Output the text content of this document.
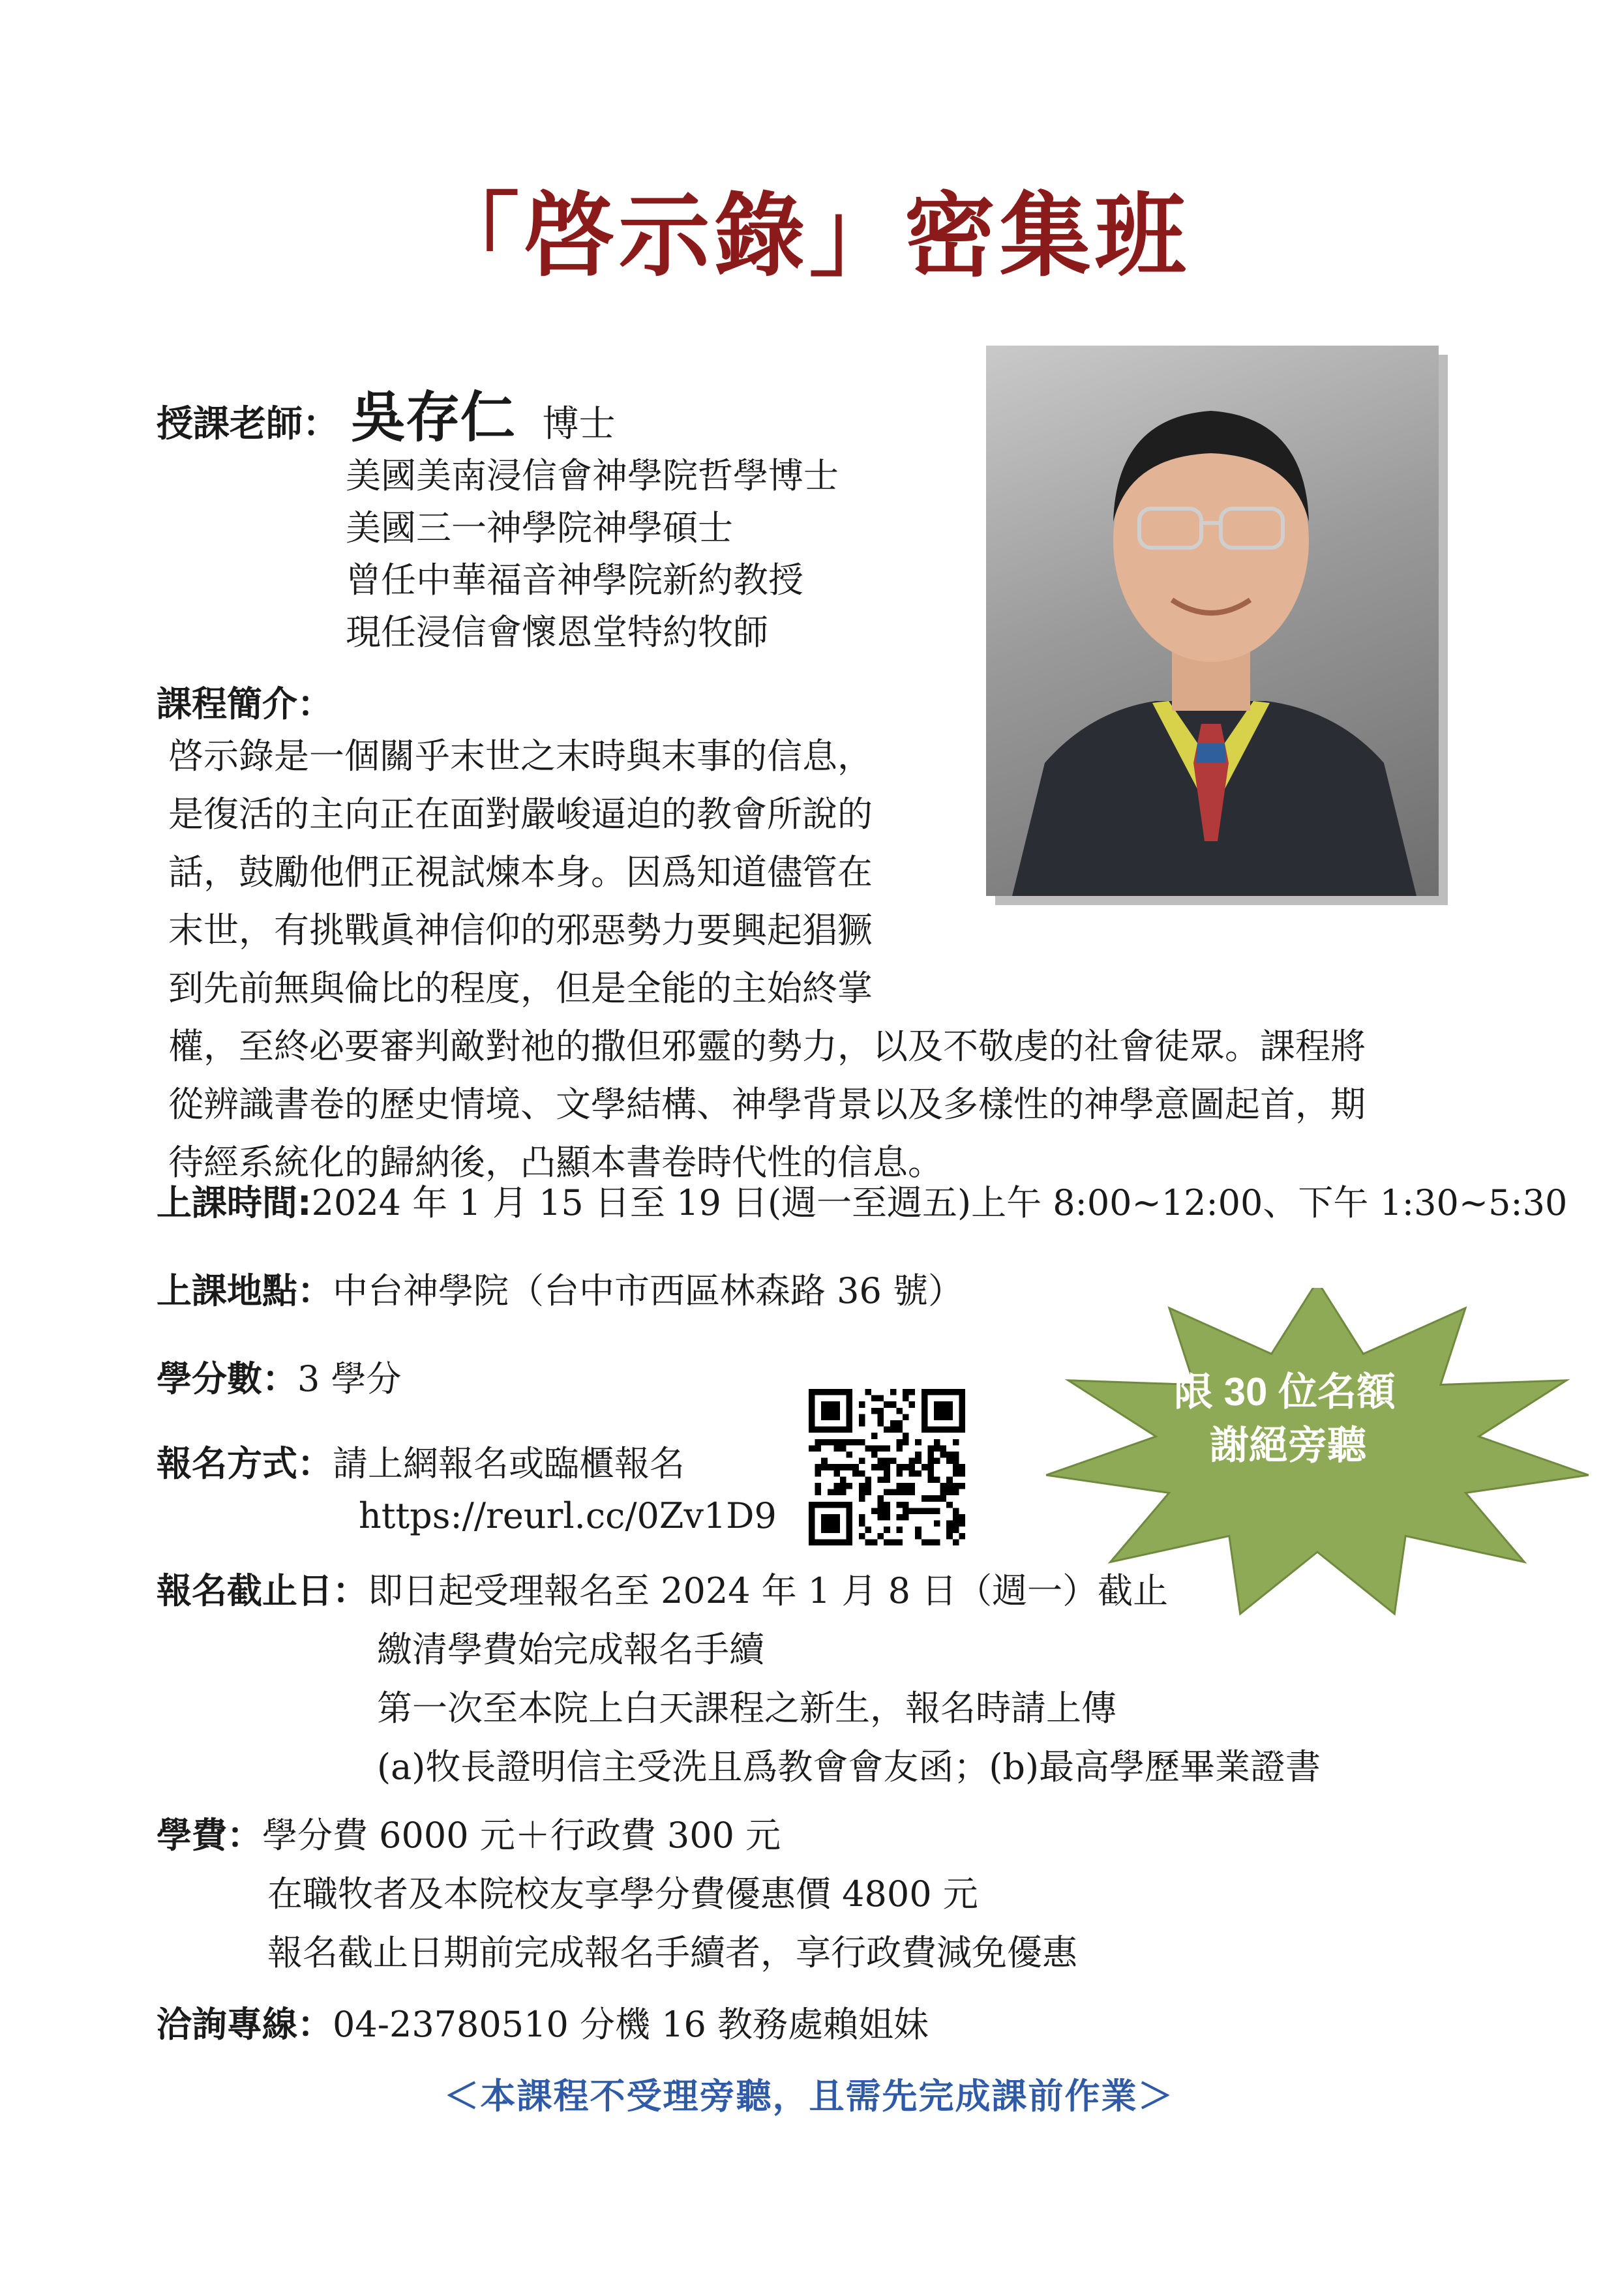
「啓示錄」密集班
授課老師： 吳存仁 博士
美國美南浸信會神學院哲學博士
美國三一神學院神學碩士
曾任中華福音神學院新約教授
現任浸信會懷恩堂特約牧師
課程簡介：
啓示錄是一個關乎末世之末時與末事的信息，
是復活的主向正在面對嚴峻逼迫的教會所說的
話，鼓勵他們正視試煉本身。因爲知道儘管在
末世，有挑戰眞神信仰的邪惡勢力要興起猖獗
到先前無與倫比的程度，但是全能的主始終掌
權，至終必要審判敵對祂的撒但邪靈的勢力，以及不敬虔的社會徒眾。課程將
從辨識書卷的歷史情境、文學結構、神學背景以及多樣性的神學意圖起首，期
待經系統化的歸納後，凸顯本書卷時代性的信息。
上課時間:2024 年 1 月 15 日至 19 日(週一至週五)上午 8:00~12:00、下午 1:30~5:30
上課地點：中台神學院（台中市西區林森路 36 號）
學分數：3 學分
報名方式：請上網報名或臨櫃報名
https://reurl.cc/0Zv1D9
限 30 位名額
謝絕旁聽
報名截止日：即日起受理報名至 2024 年 1 月 8 日（週一）截止
繳清學費始完成報名手續
第一次至本院上白天課程之新生，報名時請上傳
(a)牧長證明信主受洗且爲教會會友函；(b)最高學歷畢業證書
學費：學分費 6000 元＋行政費 300 元
在職牧者及本院校友享學分費優惠價 4800 元
報名截止日期前完成報名手續者，享行政費減免優惠
洽詢專線：04-23780510 分機 16 教務處賴姐妹
＜本課程不受理旁聽，且需先完成課前作業＞
